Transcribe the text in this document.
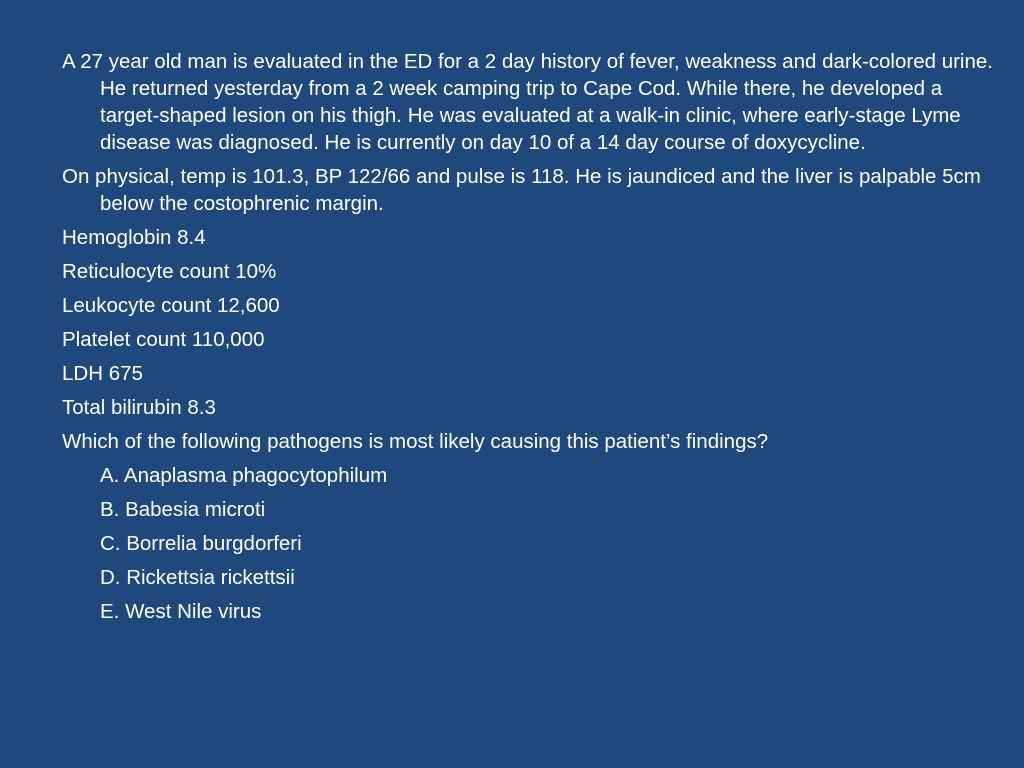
A 27 year old man is evaluated in the ED for a 2 day history of fever, weakness and dark-colored urine. He returned yesterday from a 2 week camping trip to Cape Cod. While there, he developed a target-shaped lesion on his thigh. He was evaluated at a walk-in clinic, where early-stage Lyme disease was diagnosed. He is currently on day 10 of a 14 day course of doxycycline.

On physical, temp is 101.3, BP 122/66 and pulse is 118. He is jaundiced and the liver is palpable 5cm below the costophrenic margin.

Hemoglobin 8.4

Reticulocyte count 10%

Leukocyte count 12,600

Platelet count 110,000

LDH 675

Total bilirubin 8.3

Which of the following pathogens is most likely causing this patient’s findings?

A. Anaplasma phagocytophilum

B. Babesia microti

C. Borrelia burgdorferi

D. Rickettsia rickettsii

E. West Nile virus
